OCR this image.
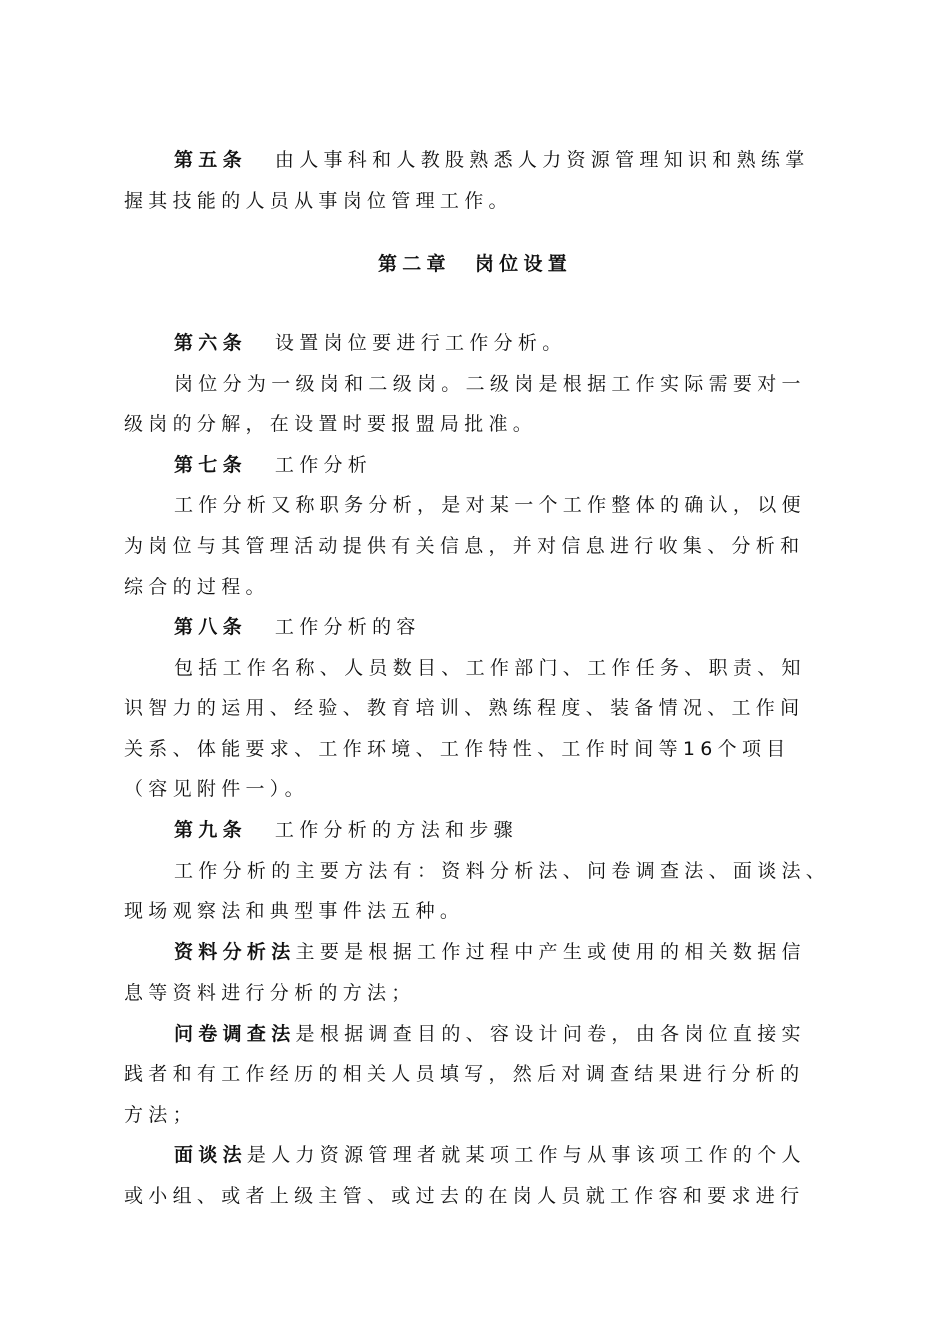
第五条 由人事科和人教股熟悉人力资源管理知识和熟练掌
握其技能的人员从事岗位管理工作。
第二章 岗位设置
第六条 设置岗位要进行工作分析。
岗位分为一级岗和二级岗。二级岗是根据工作实际需要对一
级岗的分解，在设置时要报盟局批准。
第七条 工作分析
工作分析又称职务分析，是对某一个工作整体的确认，以便
为岗位与其管理活动提供有关信息，并对信息进行收集、分析和
综合的过程。
第八条 工作分析的容
包括工作名称、人员数目、工作部门、工作任务、职责、知
识智力的运用、经验、教育培训、熟练程度、装备情况、工作间
关系、体能要求、工作环境、工作特性、工作时间等16个项目
（容见附件一）。
第九条 工作分析的方法和步骤
工作分析的主要方法有：资料分析法、问卷调查法、面谈法、
现场观察法和典型事件法五种。
资料分析法主要是根据工作过程中产生或使用的相关数据信
息等资料进行分析的方法；
问卷调查法是根据调查目的、容设计问卷，由各岗位直接实
践者和有工作经历的相关人员填写，然后对调查结果进行分析的
方法；
面谈法是人力资源管理者就某项工作与从事该项工作的个人
或小组、或者上级主管、或过去的在岗人员就工作容和要求进行
